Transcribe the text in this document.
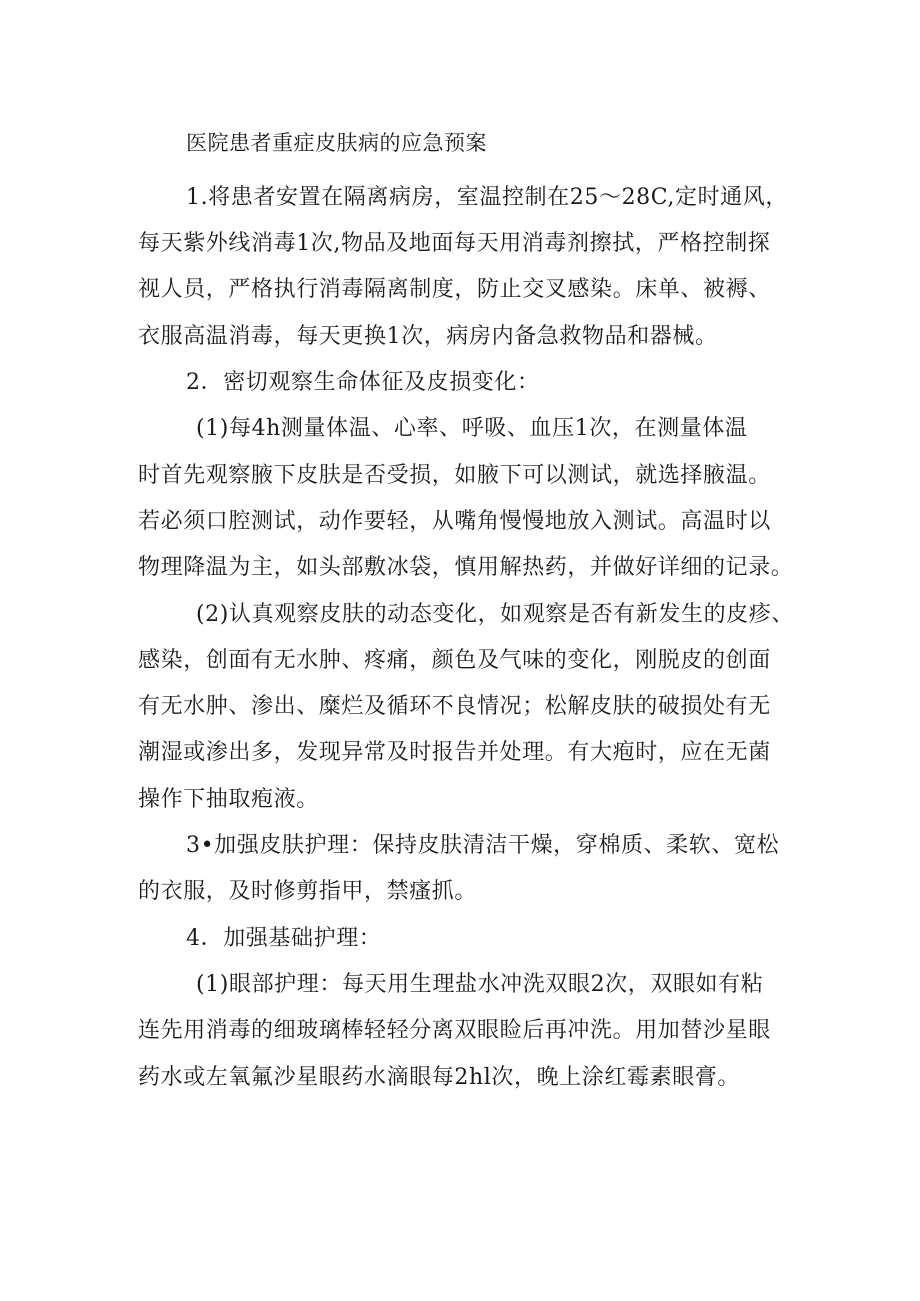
医院患者重症皮肤病的应急预案
1.将患者安置在隔离病房，室温控制在25～28C,定时通风，
每天紫外线消毒1次,物品及地面每天用消毒剂擦拭，严格控制探
视人员，严格执行消毒隔离制度，防止交叉感染。床单、被褥、
衣服高温消毒，每天更换1次，病房内备急救物品和器械。
2．密切观察生命体征及皮损变化：
(1)每4h测量体温、心率、呼吸、血压1次，在测量体温
时首先观察腋下皮肤是否受损，如腋下可以测试，就选择腋温。
若必须口腔测试，动作要轻，从嘴角慢慢地放入测试。高温时以
物理降温为主，如头部敷冰袋，慎用解热药，并做好详细的记录。
(2)认真观察皮肤的动态变化，如观察是否有新发生的皮疹、
感染，创面有无水肿、疼痛，颜色及气味的变化，刚脱皮的创面
有无水肿、渗出、糜烂及循环不良情况；松解皮肤的破损处有无
潮湿或渗出多，发现异常及时报告并处理。有大疱时，应在无菌
操作下抽取疱液。
3•加强皮肤护理：保持皮肤清洁干燥，穿棉质、柔软、宽松
的衣服，及时修剪指甲，禁瘙抓。
4．加强基础护理：
(1)眼部护理：每天用生理盐水冲洗双眼2次，双眼如有粘
连先用消毒的细玻璃棒轻轻分离双眼睑后再冲洗。用加替沙星眼
药水或左氧氟沙星眼药水滴眼每2hl次，晚上涂红霉素眼膏。
